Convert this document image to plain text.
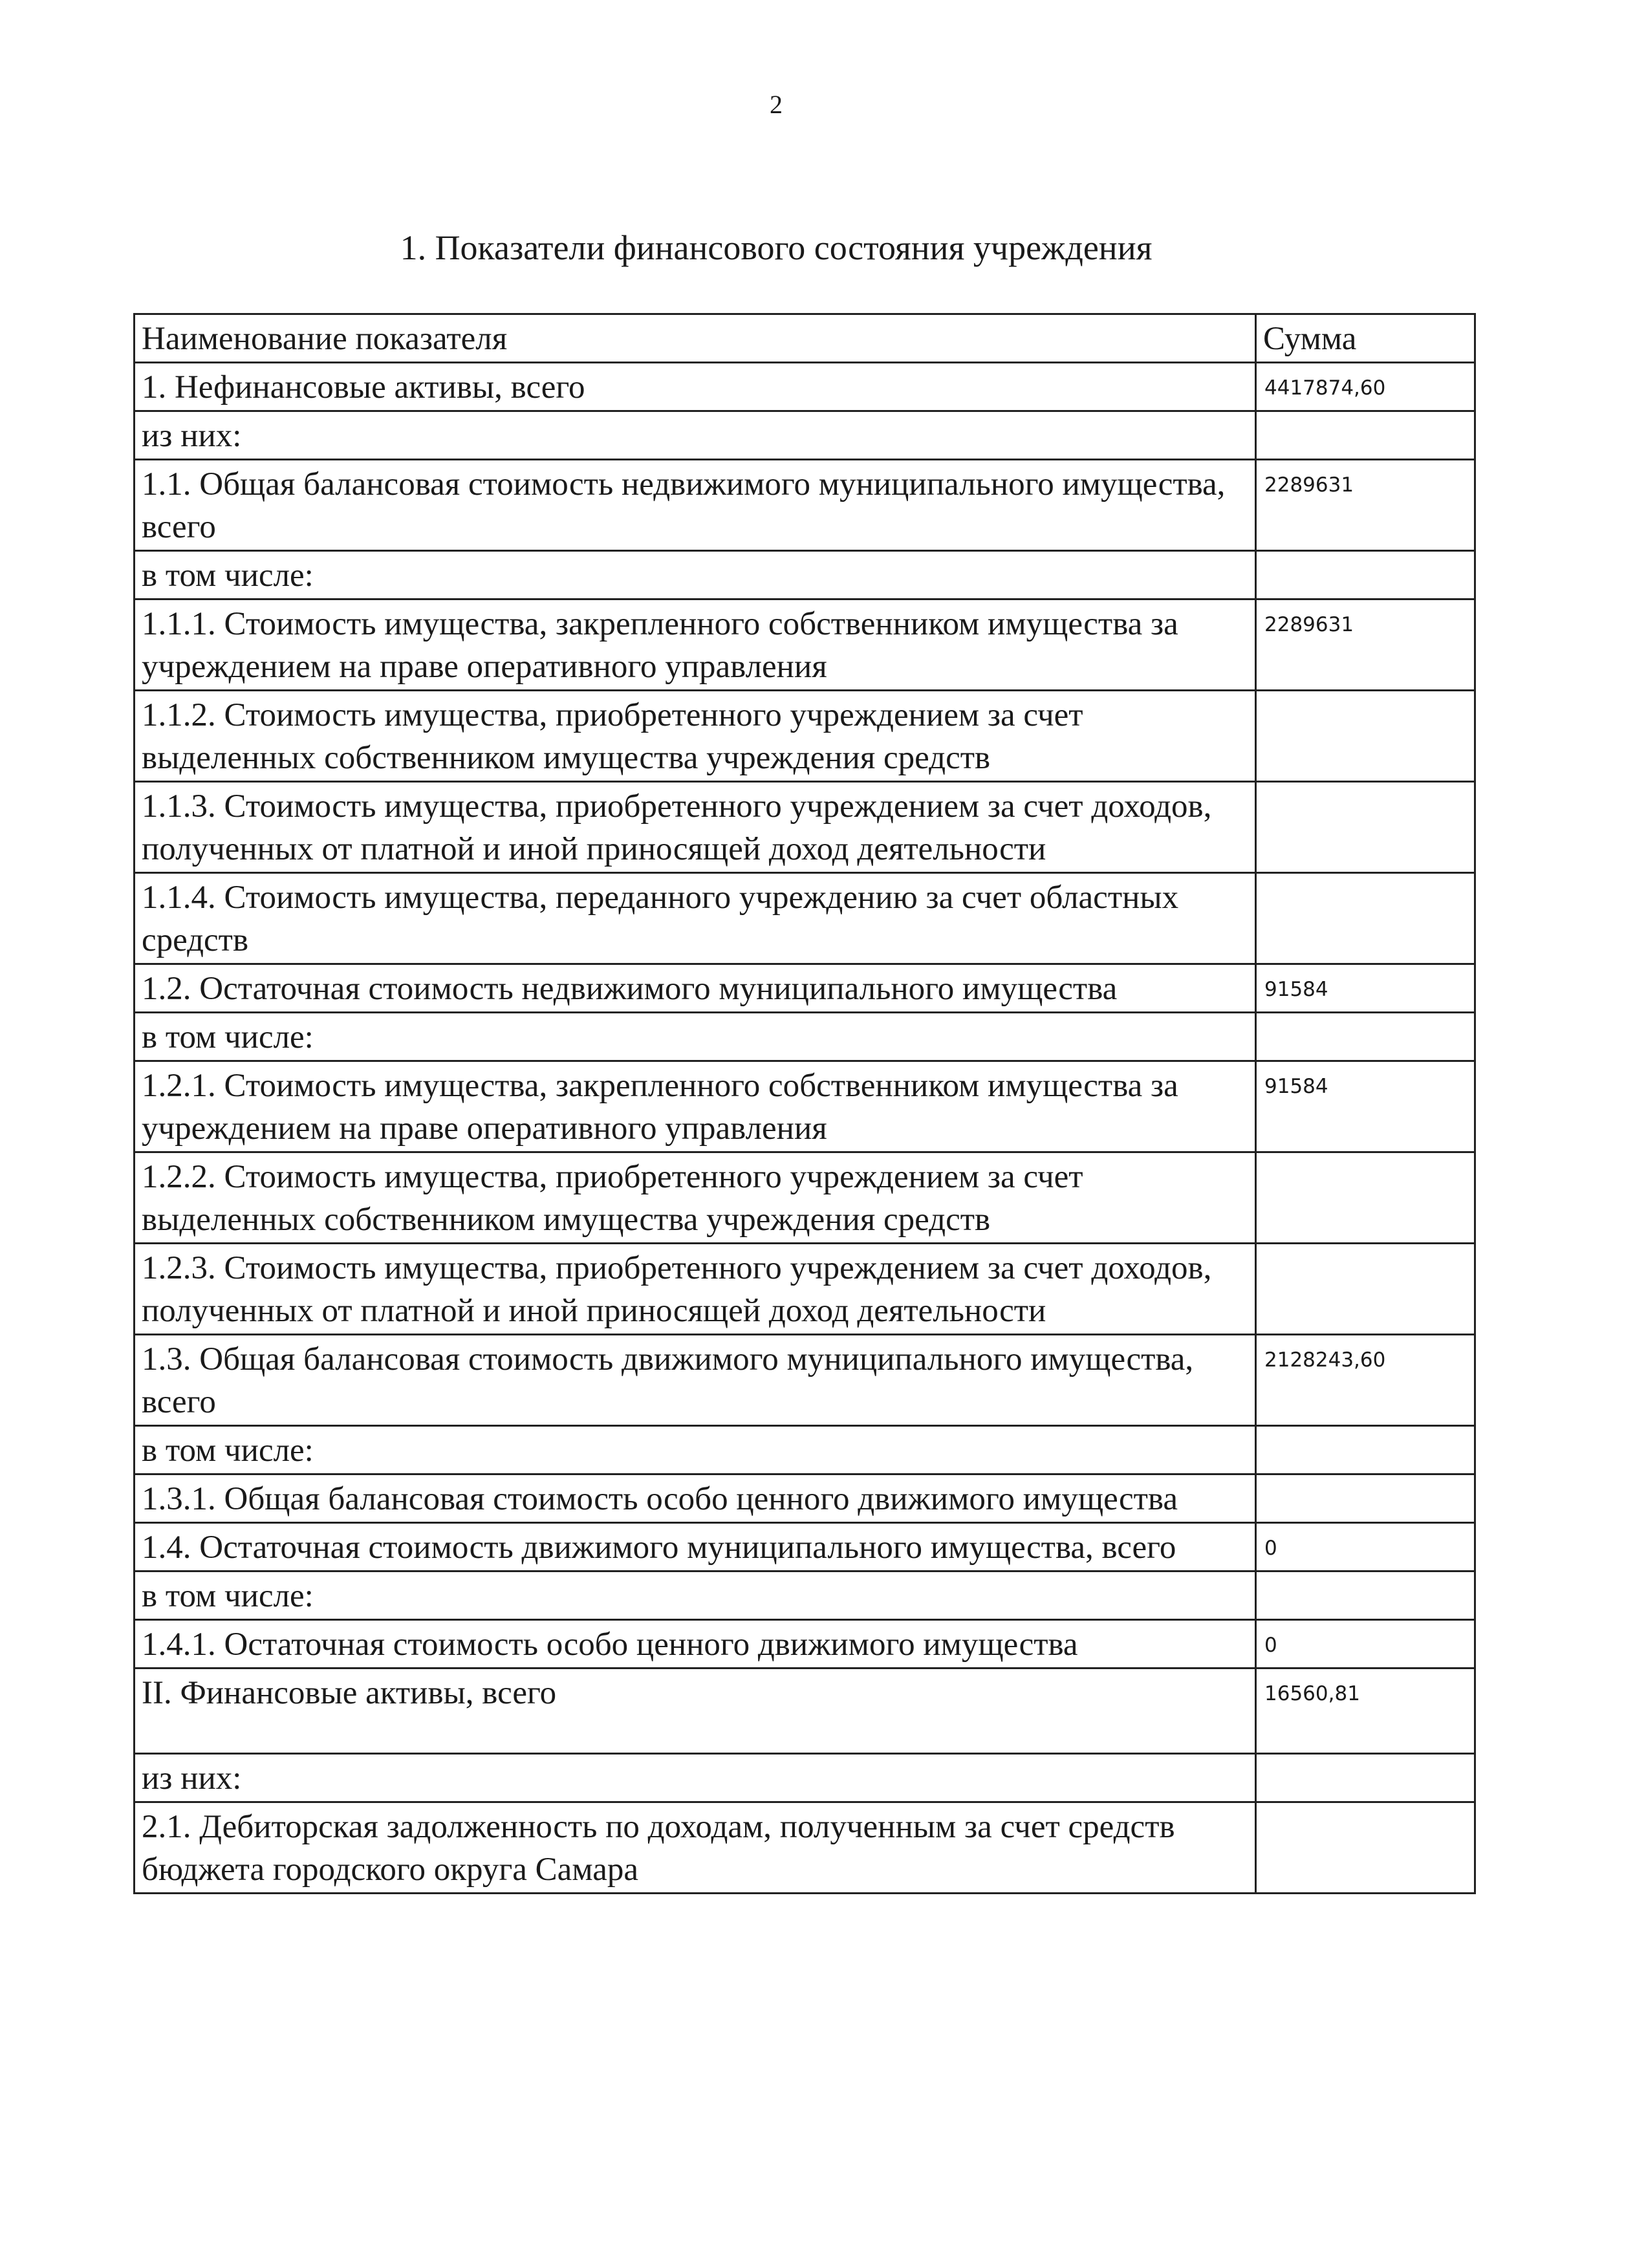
2
1. Показатели финансового состояния учреждения
Наименование показателя	Сумма
1. Нефинансовые активы, всего	4417874,60
из них:	
1.1. Общая балансовая стоимость недвижимого муниципального имущества, всего	2289631
в том числе:	
1.1.1. Стоимость имущества, закрепленного собственником имущества за учреждением на праве оперативного управления	2289631
1.1.2. Стоимость имущества, приобретенного учреждением за счет выделенных собственником имущества учреждения средств	
1.1.3. Стоимость имущества, приобретенного учреждением за счет доходов, полученных от платной и иной приносящей доход деятельности	
1.1.4. Стоимость имущества, переданного учреждению за счет областных средств	
1.2. Остаточная стоимость недвижимого муниципального имущества	91584
в том числе:	
1.2.1. Стоимость имущества, закрепленного собственником имущества за учреждением на праве оперативного управления	91584
1.2.2. Стоимость имущества, приобретенного учреждением за счет выделенных собственником имущества учреждения средств	
1.2.3. Стоимость имущества, приобретенного учреждением за счет доходов, полученных от платной и иной приносящей доход деятельности	
1.3. Общая балансовая стоимость движимого муниципального имущества, всего	2128243,60
в том числе:	
1.3.1. Общая балансовая стоимость особо ценного движимого имущества	
1.4. Остаточная стоимость движимого муниципального имущества, всего	0
в том числе:	
1.4.1. Остаточная стоимость особо ценного движимого имущества	0
II. Финансовые активы, всего	16560,81
из них:	
2.1. Дебиторская задолженность по доходам, полученным за счет средств бюджета городского округа Самара	
